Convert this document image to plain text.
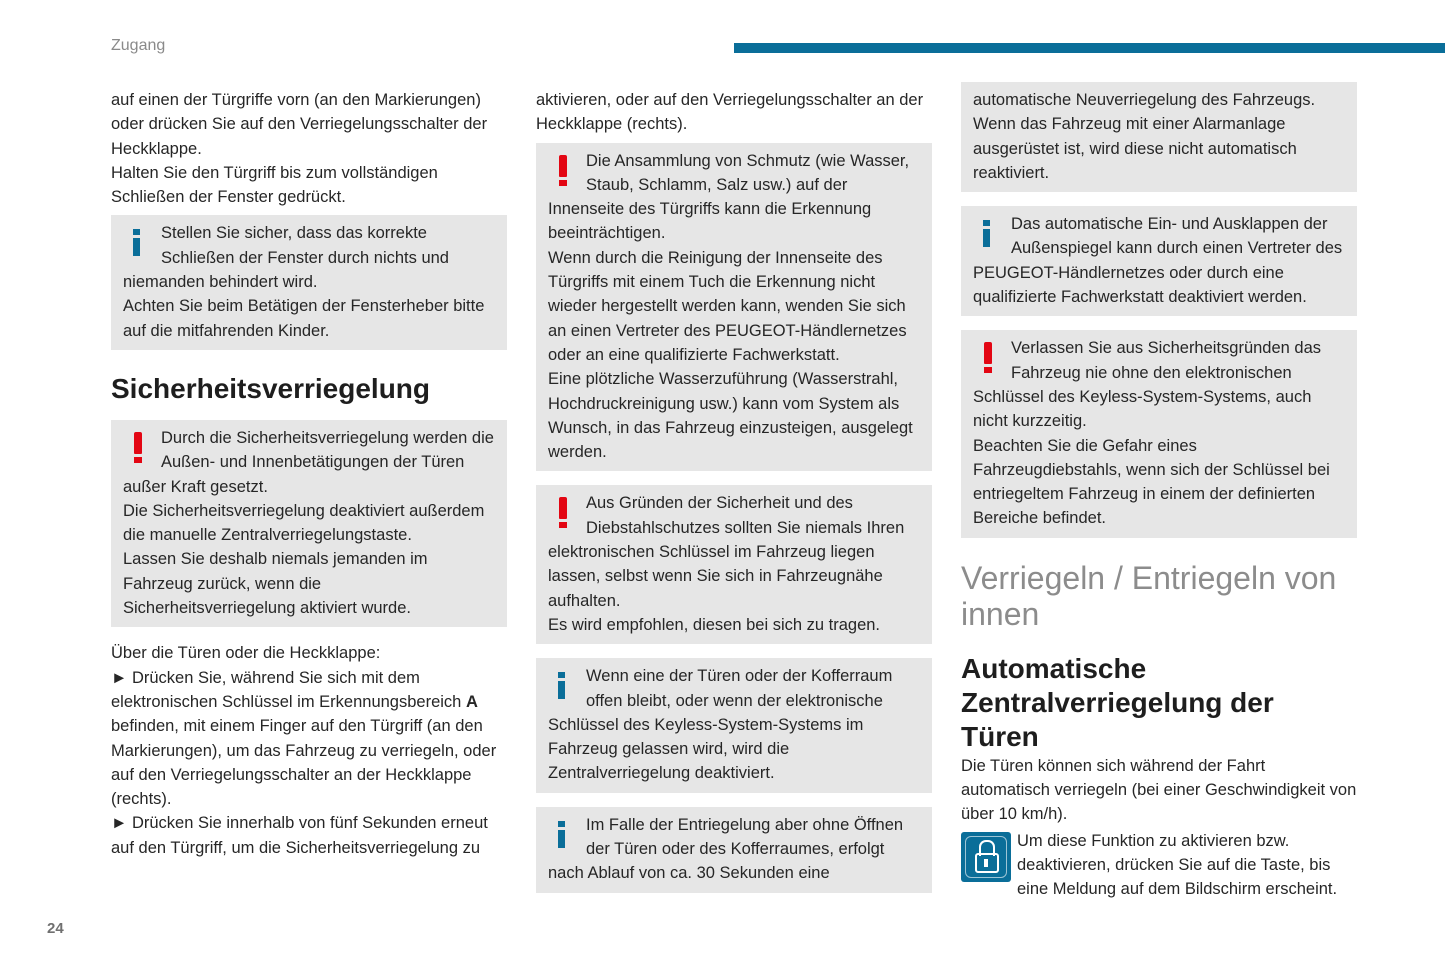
Zugang

auf einen der Türgriffe vorn (an den Markierungen) oder drücken Sie auf den Verriegelungsschalter der Heckklappe.

Halten Sie den Türgriff bis zum vollständigen Schließen der Fenster gedrückt.

Stellen Sie sicher, dass das korrekte Schließen der Fenster durch nichts und niemanden behindert wird.

Achten Sie beim Betätigen der Fensterheber bitte auf die mitfahrenden Kinder.

Sicherheitsverriegelung

Durch die Sicherheitsverriegelung werden die Außen- und Innenbetätigungen der Türen außer Kraft gesetzt.

Die Sicherheitsverriegelung deaktiviert außerdem die manuelle Zentralverriegelungstaste.

Lassen Sie deshalb niemals jemanden im Fahrzeug zurück, wenn die Sicherheitsverriegelung aktiviert wurde.

Über die Türen oder die Heckklappe:

► Drücken Sie, während Sie sich mit dem elektronischen Schlüssel im Erkennungsbereich A befinden, mit einem Finger auf den Türgriff (an den Markierungen), um das Fahrzeug zu verriegeln, oder auf den Verriegelungsschalter an der Heckklappe (rechts).

► Drücken Sie innerhalb von fünf Sekunden erneut auf den Türgriff, um die Sicherheitsverriegelung zu

aktivieren, oder auf den Verriegelungsschalter an der Heckklappe (rechts).

Die Ansammlung von Schmutz (wie Wasser, Staub, Schlamm, Salz usw.) auf der Innenseite des Türgriffs kann die Erkennung beeinträchtigen.

Wenn durch die Reinigung der Innenseite des Türgriffs mit einem Tuch die Erkennung nicht wieder hergestellt werden kann, wenden Sie sich an einen Vertreter des PEUGEOT-Händlernetzes oder an eine qualifizierte Fachwerkstatt.

Eine plötzliche Wasserzuführung (Wasserstrahl, Hochdruckreinigung usw.) kann vom System als Wunsch, in das Fahrzeug einzusteigen, ausgelegt werden.

Aus Gründen der Sicherheit und des Diebstahlschutzes sollten Sie niemals Ihren elektronischen Schlüssel im Fahrzeug liegen lassen, selbst wenn Sie sich in Fahrzeugnähe aufhalten.

Es wird empfohlen, diesen bei sich zu tragen.

Wenn eine der Türen oder der Kofferraum offen bleibt, oder wenn der elektronische Schlüssel des Keyless-System-Systems im Fahrzeug gelassen wird, wird die Zentralverriegelung deaktiviert.

Im Falle der Entriegelung aber ohne Öffnen der Türen oder des Kofferraumes, erfolgt nach Ablauf von ca. 30 Sekunden eine

automatische Neuverriegelung des Fahrzeugs.

Wenn das Fahrzeug mit einer Alarmanlage ausgerüstet ist, wird diese nicht automatisch reaktiviert.

Das automatische Ein- und Ausklappen der Außenspiegel kann durch einen Vertreter des PEUGEOT-Händlernetzes oder durch eine qualifizierte Fachwerkstatt deaktiviert werden.

Verlassen Sie aus Sicherheitsgründen das Fahrzeug nie ohne den elektronischen Schlüssel des Keyless-System-Systems, auch nicht kurzzeitig.

Beachten Sie die Gefahr eines Fahrzeugdiebstahls, wenn sich der Schlüssel bei entriegeltem Fahrzeug in einem der definierten Bereiche befindet.

Verriegeln / Entriegeln von innen
Automatische Zentralverriegelung der Türen

Die Türen können sich während der Fahrt automatisch verriegeln (bei einer Geschwindigkeit von über 10 km/h).

Um diese Funktion zu aktivieren bzw. deaktivieren, drücken Sie auf die Taste, bis eine Meldung auf dem Bildschirm erscheint.

24
